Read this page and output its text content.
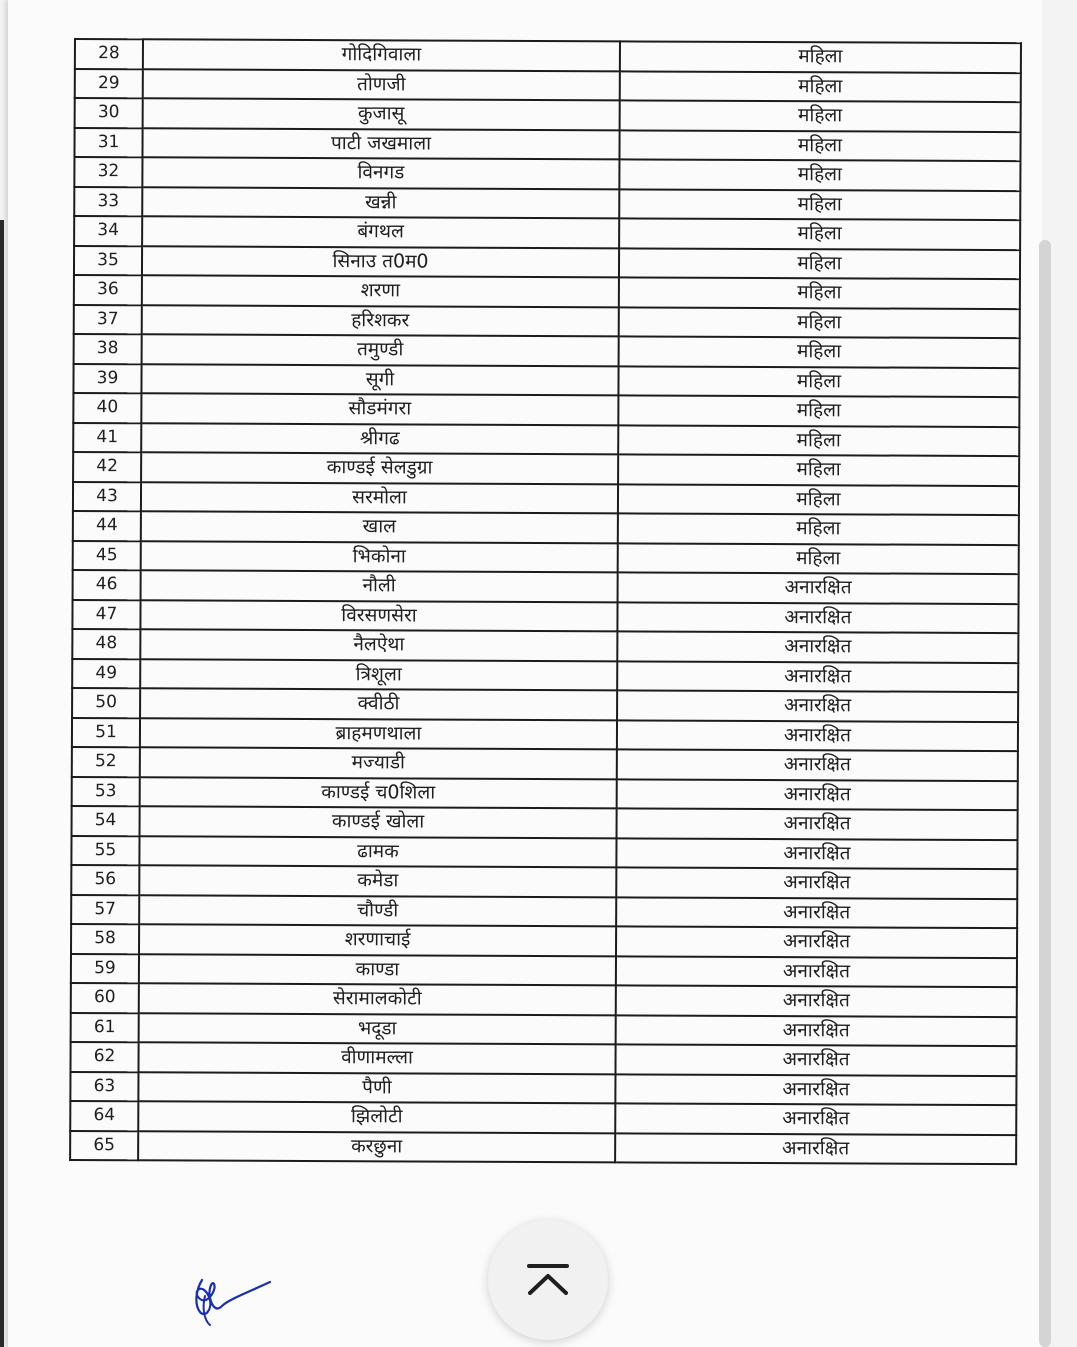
28	गोदिगिवाला	महिला
29	तोणजी	महिला
30	कुजासू	महिला
31	पाटी जखमाला	महिला
32	विनगड	महिला
33	खन्नी	महिला
34	बंगथल	महिला
35	सिनाउ त0म0	महिला
36	शरणा	महिला
37	हरिशकर	महिला
38	तमुण्डी	महिला
39	सूगी	महिला
40	सौडमंगरा	महिला
41	श्रीगढ	महिला
42	काण्डई सेलडुग्रा	महिला
43	सरमोला	महिला
44	खाल	महिला
45	भिकोना	महिला
46	नौली	अनारक्षित
47	विरसणसेरा	अनारक्षित
48	नैलऐथा	अनारक्षित
49	त्रिशूला	अनारक्षित
50	क्वीठी	अनारक्षित
51	ब्राहमणथाला	अनारक्षित
52	मज्याडी	अनारक्षित
53	काण्डई च0शिला	अनारक्षित
54	काण्डई खोला	अनारक्षित
55	ढामक	अनारक्षित
56	कमेडा	अनारक्षित
57	चौण्डी	अनारक्षित
58	शरणाचाई	अनारक्षित
59	काण्डा	अनारक्षित
60	सेरामालकोटी	अनारक्षित
61	भदूडा	अनारक्षित
62	वीणामल्ला	अनारक्षित
63	पैणी	अनारक्षित
64	झिलोटी	अनारक्षित
65	करछुना	अनारक्षित
